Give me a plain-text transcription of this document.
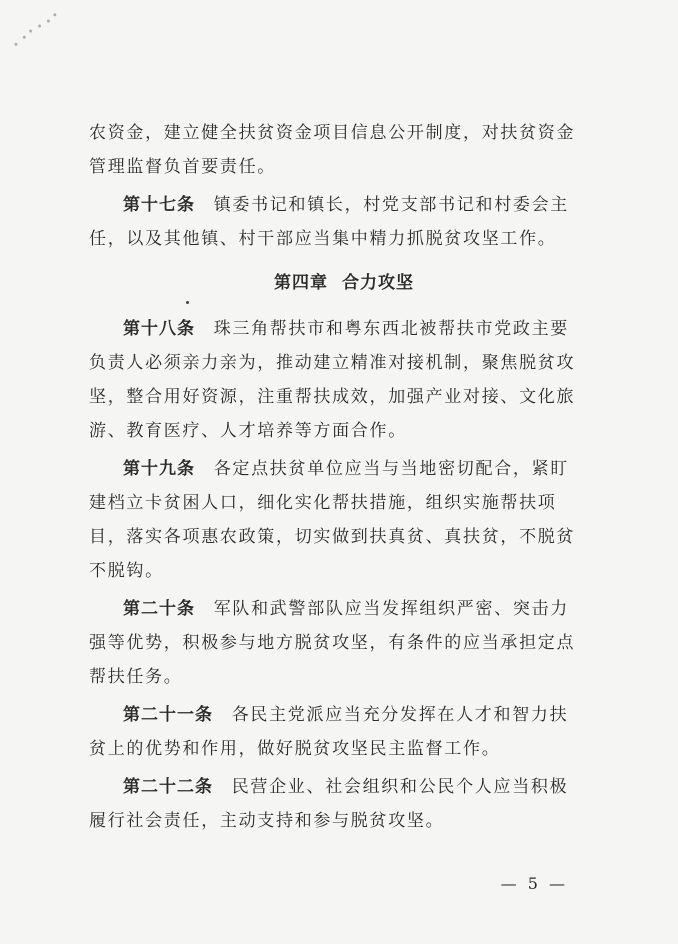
农资金，建立健全扶贫资金项目信息公开制度，对扶贫资金
管理监督负首要责任。
第十七条　 镇委书记和镇长，村党支部书记和村委会主
任，以及其他镇、村干部应当集中精力抓脱贫攻坚工作。
第四章 合力攻坚
第十八条　 珠三角帮扶市和粤东西北被帮扶市党政主要
负责人必须亲力亲为，推动建立精准对接机制，聚焦脱贫攻
坚，整合用好资源，注重帮扶成效，加强产业对接、文化旅
游、教育医疗、人才培养等方面合作。
第十九条　 各定点扶贫单位应当与当地密切配合，紧盯
建档立卡贫困人口，细化实化帮扶措施，组织实施帮扶项
目，落实各项惠农政策，切实做到扶真贫、真扶贫，不脱贫
不脱钩。
第二十条　 军队和武警部队应当发挥组织严密、突击力
强等优势，积极参与地方脱贫攻坚，有条件的应当承担定点
帮扶任务。
第二十一条　 各民主党派应当充分发挥在人才和智力扶
贫上的优势和作用，做好脱贫攻坚民主监督工作。
第二十二条　 民营企业、社会组织和公民个人应当积极
履行社会责任，主动支持和参与脱贫攻坚。
— 5 —
